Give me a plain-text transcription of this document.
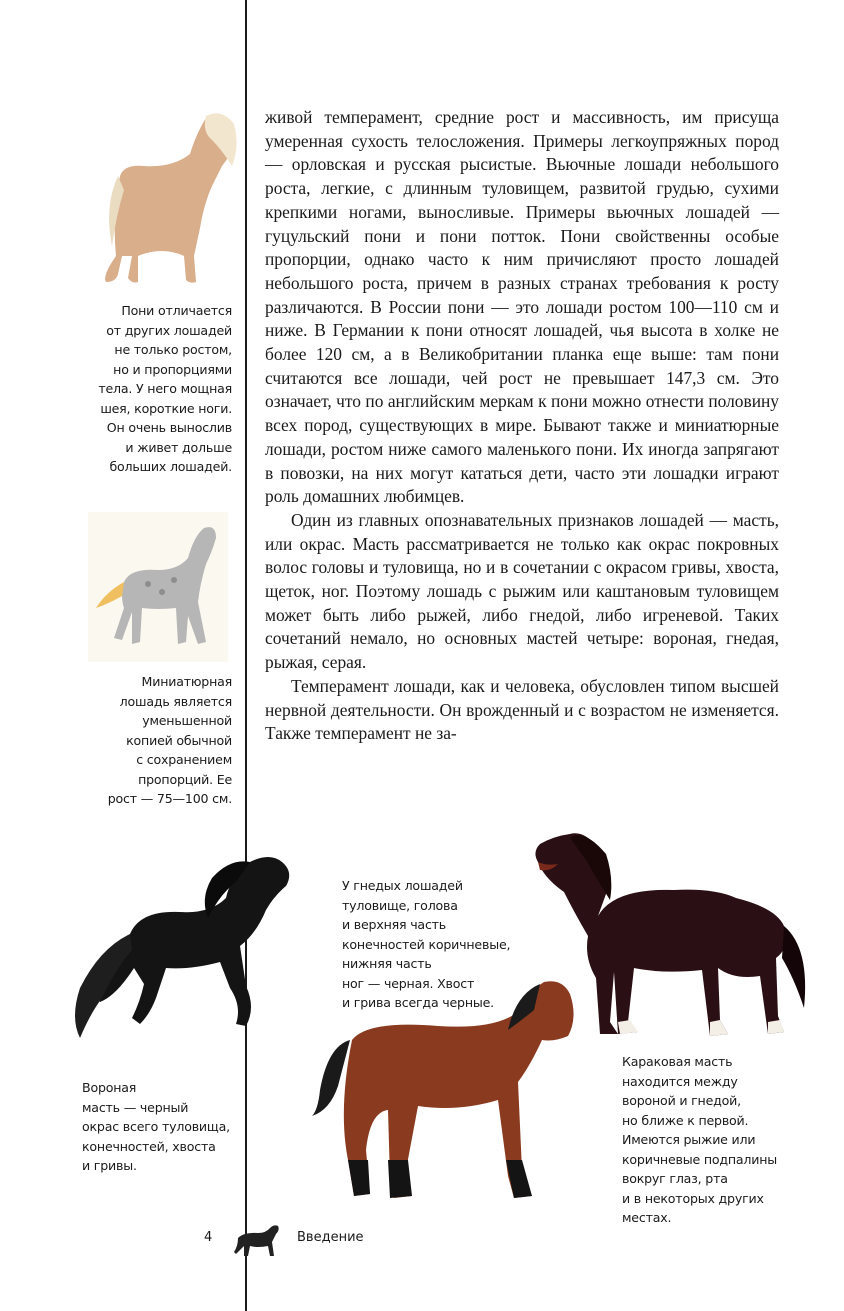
Пони отличается
от других лошадей
не только ростом,
но и пропорциями
тела. У него мощная
шея, короткие ноги.
Он очень вынослив
и живет дольше
больших лошадей.
Миниатюрная
лошадь является
уменьшенной
копией обычной
с сохранением
пропорций. Ее
рост — 75—100 см.

живой темперамент, средние рост и массивность, им присуща умеренная сухость телосложения. Примеры легкоупряжных пород — орловская и русская рысистые. Вьючные лошади небольшого роста, легкие, с длинным туловищем, развитой грудью, сухими крепкими ногами, выносливые. Примеры вьючных лошадей — гуцульский пони и пони потток. Пони свойственны особые пропорции, однако часто к ним причисляют просто лошадей небольшого роста, причем в разных странах требования к росту различаются. В России пони — это лошади ростом 100—110 см и ниже. В Германии к пони относят лошадей, чья высота в холке не более 120 см, а в Великобритании планка еще выше: там пони считаются все лошади, чей рост не превышает 147,3 см. Это означает, что по английским меркам к пони можно отнести половину всех пород, существующих в мире. Бывают также и миниатюрные лошади, ростом ниже самого маленького пони. Их иногда запрягают в повозки, на них могут кататься дети, часто эти лошадки играют роль домашних любимцев.

Один из главных опознавательных признаков лошадей — масть, или окрас. Масть рассматривается не только как окрас покровных волос головы и туловища, но и в сочетании с окрасом гривы, хвоста, щеток, ног. Поэтому лошадь с рыжим или каштановым туловищем может быть либо рыжей, либо гнедой, либо игреневой. Таких сочетаний немало, но основных мастей четыре: вороная, гнедая, рыжая, серая.

Темперамент лошади, как и человека, обусловлен типом высшей нервной деятельности. Он врожденный и с возрастом не изменяется. Также темперамент не за-

Вороная
масть — черный
окрас всего туловища,
конечностей, хвоста
и гривы.
У гнедых лошадей
туловище, голова
и верхняя часть
конечностей коричневые,
нижняя часть
ног — черная. Хвост
и грива всегда черные.
Караковая масть
находится между
вороной и гнедой,
но ближе к первой.
Имеются рыжие или
коричневые подпалины
вокруг глаз, рта
и в некоторых других
местах.
4	Введение
